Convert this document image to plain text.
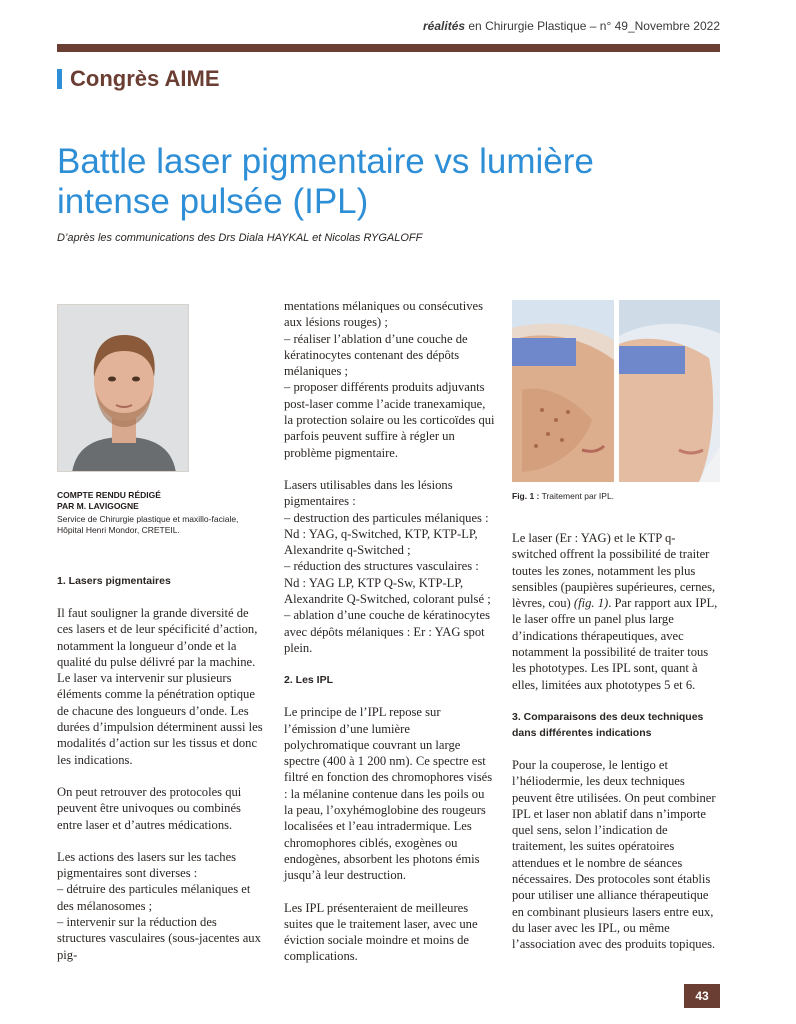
réalités en Chirurgie Plastique – n° 49_Novembre 2022
Congrès AIME
Battle laser pigmentaire vs lumière intense pulsée (IPL)
D’après les communications des Drs Diala HAYKAL et Nicolas RYGALOFF
COMPTE RENDU RÉDIGÉ
PAR M. LAVIGOGNE
Service de Chirurgie plastique et maxillo-faciale,
Hôpital Henri Mondor, CRETEIL.
1. Lasers pigmentaires

Il faut souligner la grande diversité de ces lasers et de leur spécificité d’action, notamment la longueur d’onde et la qualité du pulse délivré par la machine. Le laser va intervenir sur plusieurs éléments comme la pénétration optique de chacune des longueurs d’onde. Les durées d’impulsion déterminent aussi les modalités d’action sur les tissus et donc les indications.

On peut retrouver des protocoles qui peuvent être univoques ou combinés entre laser et d’autres médications.

Les actions des lasers sur les taches pigmentaires sont diverses :

– détruire des particules mélaniques et des mélanosomes ;

– intervenir sur la réduction des structures vasculaires (sous-jacentes aux pig-

mentations mélaniques ou consécutives aux lésions rouges) ;

– réaliser l’ablation d’une couche de kératinocytes contenant des dépôts mélaniques ;

– proposer différents produits adjuvants post-laser comme l’acide tranexamique, la protection solaire ou les corticoïdes qui parfois peuvent suffire à régler un problème pigmentaire.

Lasers utilisables dans les lésions pigmentaires :

– destruction des particules mélaniques : Nd : YAG, q-Switched, KTP, KTP-LP, Alexandrite q-Switched ;

– réduction des structures vasculaires : Nd : YAG LP, KTP Q-Sw, KTP-LP, Alexandrite Q-Switched, colorant pulsé ;

– ablation d’une couche de kératinocytes avec dépôts mélaniques : Er : YAG spot plein.

2. Les IPL

Le principe de l’IPL repose sur l’émission d’une lumière polychromatique couvrant un large spectre (400 à 1 200 nm). Ce spectre est filtré en fonction des chromophores visés : la mélanine contenue dans les poils ou la peau, l’oxyhémoglobine des rougeurs localisées et l’eau intradermique. Les chromophores ciblés, exogènes ou endogènes, absorbent les photons émis jusqu’à leur destruction.

Les IPL présenteraient de meilleures suites que le traitement laser, avec une éviction sociale moindre et moins de complications.

Fig. 1 : Traitement par IPL.

Le laser (Er : YAG) et le KTP q-switched offrent la possibilité de traiter toutes les zones, notamment les plus sensibles (paupières supérieures, cernes, lèvres, cou) (fig. 1). Par rapport aux IPL, le laser offre un panel plus large d’indications thérapeutiques, avec notamment la possibilité de traiter tous les phototypes. Les IPL sont, quant à elles, limitées aux phototypes 5 et 6.

3. Comparaisons des deux techniques dans différentes indications

Pour la couperose, le lentigo et l’héliodermie, les deux techniques peuvent être utilisées. On peut combiner IPL et laser non ablatif dans n’importe quel sens, selon l’indication de traitement, les suites opératoires attendues et le nombre de séances nécessaires. Des protocoles sont établis pour utiliser une alliance thérapeutique en combinant plusieurs lasers entre eux, du laser avec les IPL, ou même l’association avec des produits topiques.

43
